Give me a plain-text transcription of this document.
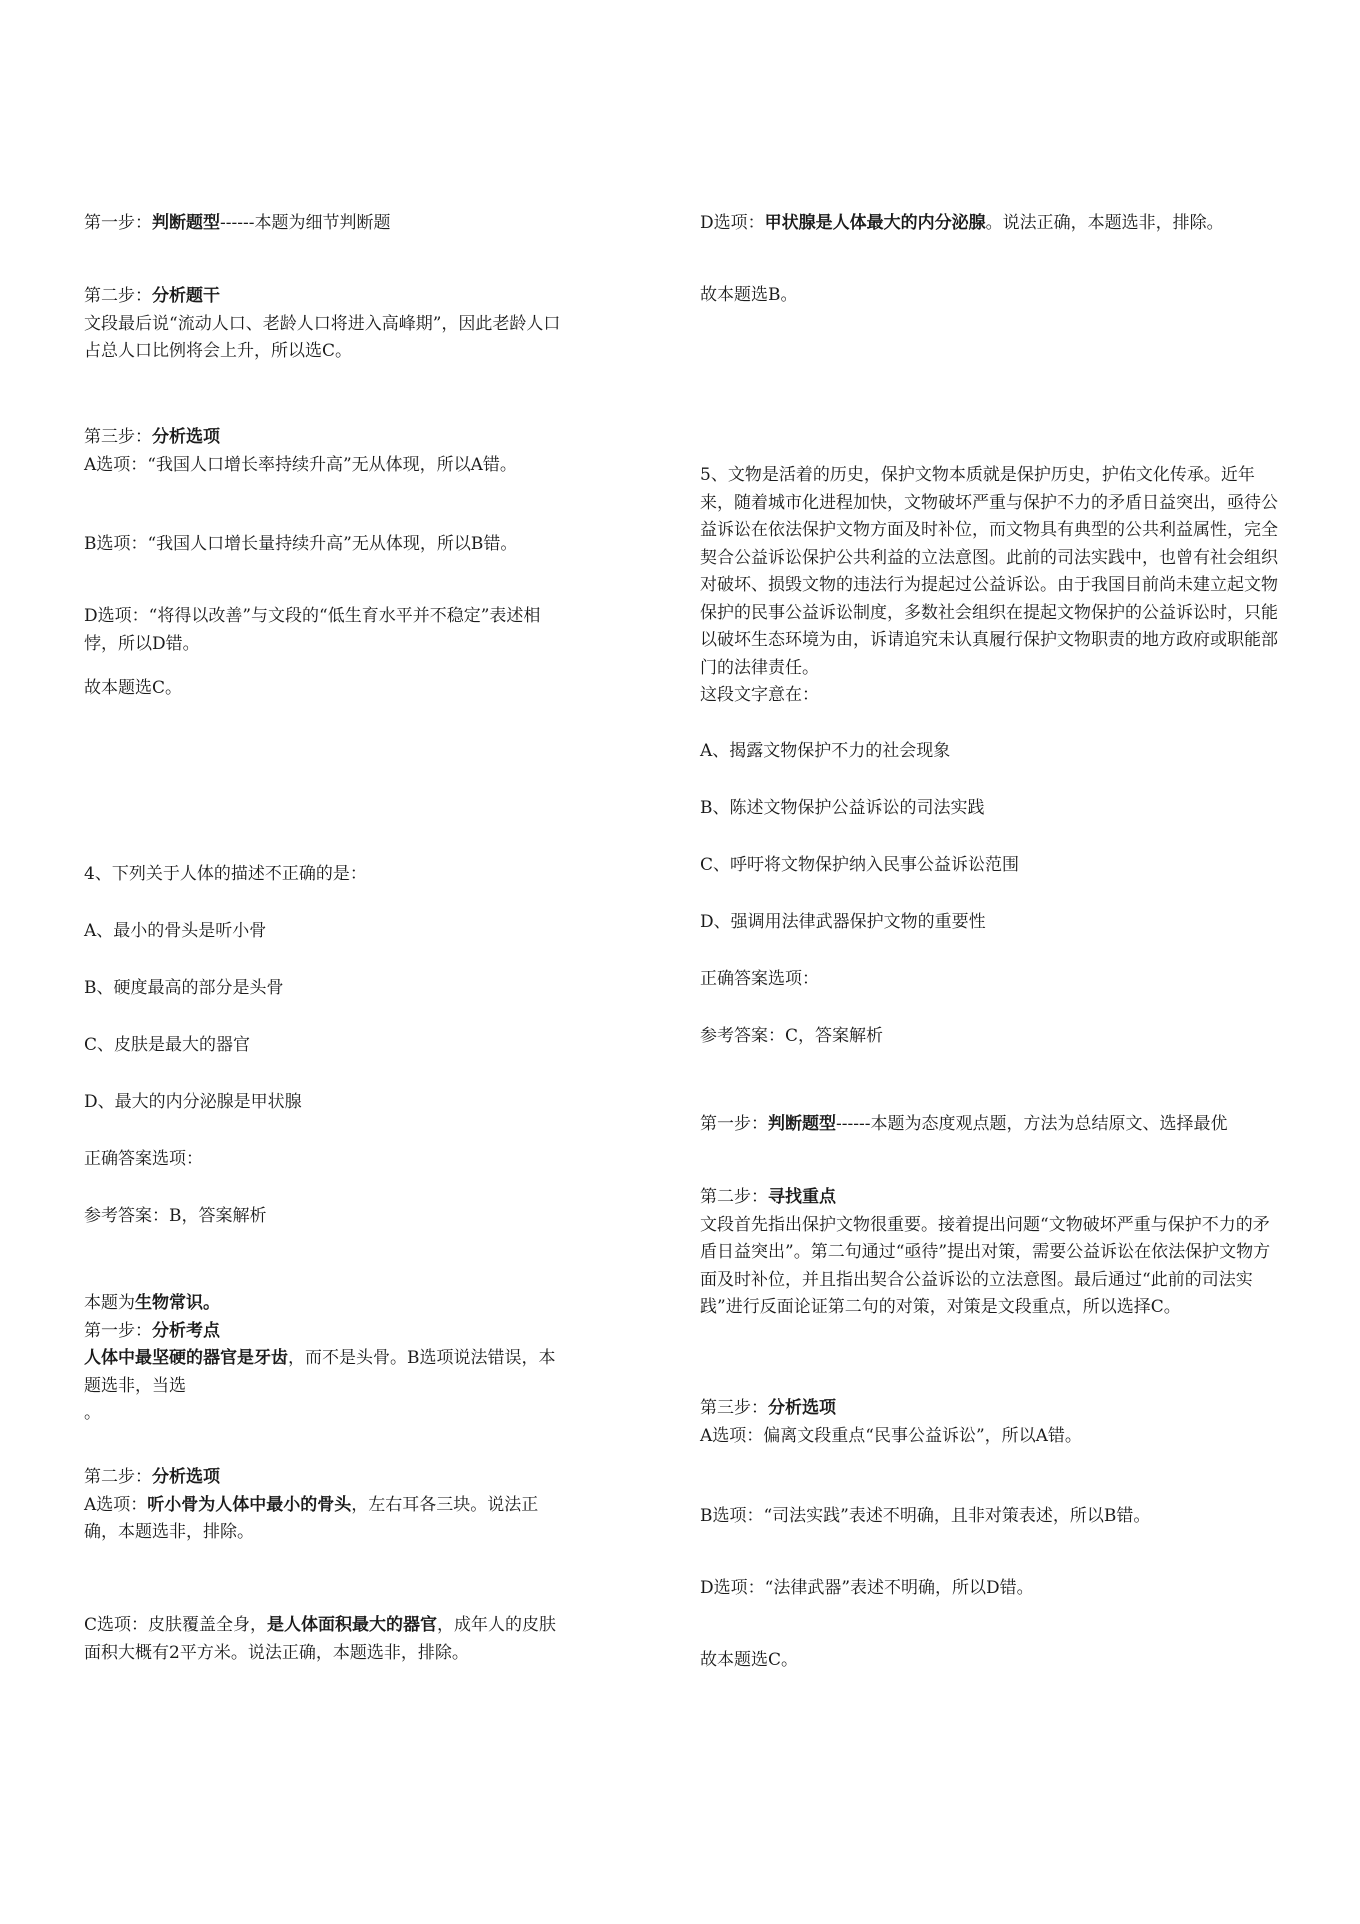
第一步：判断题型------本题为细节判断题

第二步：分析题干

文段最后说“流动人口、老龄人口将进入高峰期”，因此老龄人口占总人口比例将会上升，所以选C。

第三步：分析选项

A选项：“我国人口增长率持续升高”无从体现，所以A错。

B选项：“我国人口增长量持续升高”无从体现，所以B错。

D选项：“将得以改善”与文段的“低生育水平并不稳定”表述相悖，所以D错。

故本题选C。

4、下列关于人体的描述不正确的是：

A、最小的骨头是听小骨

B、硬度最高的部分是头骨

C、皮肤是最大的器官

D、最大的内分泌腺是甲状腺

正确答案选项：

参考答案：B，答案解析

本题为生物常识。

第一步：分析考点

人体中最坚硬的器官是牙齿，而不是头骨。B选项说法错误，本题选非，当选
。

第二步：分析选项

A选项：听小骨为人体中最小的骨头，左右耳各三块。说法正确，本题选非，排除。

C选项：皮肤覆盖全身，是人体面积最大的器官，成年人的皮肤面积大概有2平方米。说法正确，本题选非，排除。

D选项：甲状腺是人体最大的内分泌腺。说法正确，本题选非，排除。

故本题选B。

5、文物是活着的历史，保护文物本质就是保护历史，护佑文化传承。近年来，随着城市化进程加快，文物破坏严重与保护不力的矛盾日益突出，亟待公益诉讼在依法保护文物方面及时补位，而文物具有典型的公共利益属性，完全契合公益诉讼保护公共利益的立法意图。此前的司法实践中，也曾有社会组织对破坏、损毁文物的违法行为提起过公益诉讼。由于我国目前尚未建立起文物保护的民事公益诉讼制度，多数社会组织在提起文物保护的公益诉讼时，只能以破坏生态环境为由，诉请追究未认真履行保护文物职责的地方政府或职能部门的法律责任。

这段文字意在：

A、揭露文物保护不力的社会现象

B、陈述文物保护公益诉讼的司法实践

C、呼吁将文物保护纳入民事公益诉讼范围

D、强调用法律武器保护文物的重要性

正确答案选项：

参考答案：C，答案解析

第一步：判断题型------本题为态度观点题，方法为总结原文、选择最优

第二步：寻找重点

文段首先指出保护文物很重要。接着提出问题“文物破坏严重与保护不力的矛盾日益突出”。第二句通过“亟待”提出对策，需要公益诉讼在依法保护文物方面及时补位，并且指出契合公益诉讼的立法意图。最后通过“此前的司法实践”进行反面论证第二句的对策，对策是文段重点，所以选择C。

第三步：分析选项

A选项：偏离文段重点“民事公益诉讼”，所以A错。

B选项：“司法实践”表述不明确，且非对策表述，所以B错。

D选项：“法律武器”表述不明确，所以D错。

故本题选C。
